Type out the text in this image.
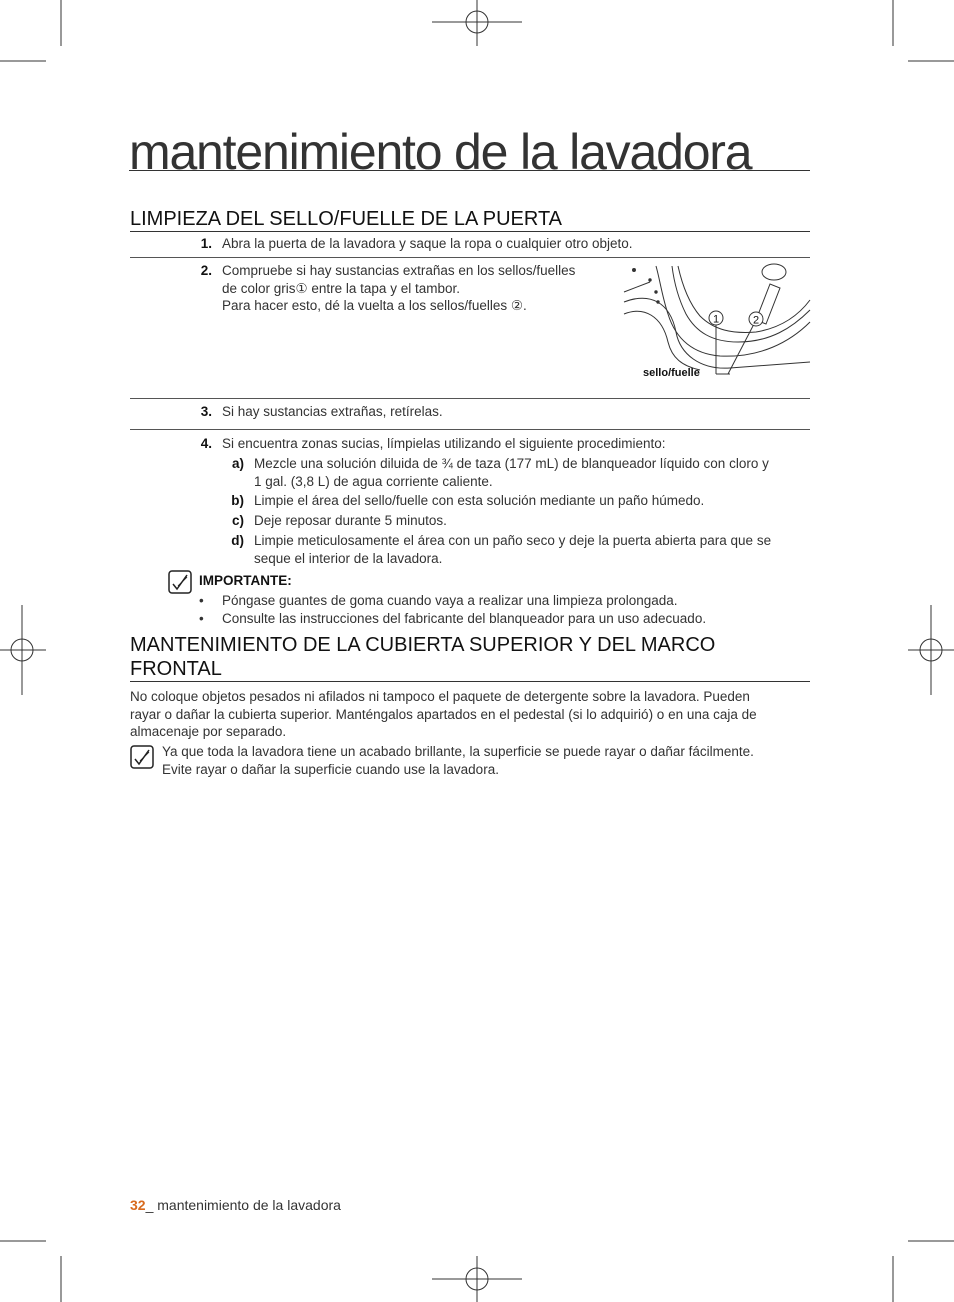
mantenimiento de la lavadora
LIMPIEZA DEL SELLO/FUELLE DE LA PUERTA
1. Abra la puerta de la lavadora y saque la ropa o cualquier otro objeto.
2. Compruebe si hay sustancias extrañas en los sellos/fuelles
de color gris① entre la tapa y el tambor.
Para hacer esto, dé la vuelta a los sellos/fuelles ②.
1	2
sello/fuelle
3. Si hay sustancias extrañas, retírelas.
4. Si encuentra zonas sucias, límpielas utilizando el siguiente procedimiento:
a) Mezcle una solución diluida de ¾ de taza (177 mL) de blanqueador líquido con cloro y
1 gal. (3,8 L) de agua corriente caliente.
b) Limpie el área del sello/fuelle con esta solución mediante un paño húmedo.
c) Deje reposar durante 5 minutos.
d) Limpie meticulosamente el área con un paño seco y deje la puerta abierta para que se
seque el interior de la lavadora.
IMPORTANTE:
• Póngase guantes de goma cuando vaya a realizar una limpieza prolongada.
• Consulte las instrucciones del fabricante del blanqueador para un uso adecuado.
MANTENIMIENTO DE LA CUBIERTA SUPERIOR Y DEL MARCO
FRONTAL
No coloque objetos pesados ni afilados ni tampoco el paquete de detergente sobre la lavadora. Pueden
rayar o dañar la cubierta superior. Manténgalos apartados en el pedestal (si lo adquirió) o en una caja de
almacenaje por separado.
Ya que toda la lavadora tiene un acabado brillante, la superficie se puede rayar o dañar fácilmente.
Evite rayar o dañar la superficie cuando use la lavadora.
32_ mantenimiento de la lavadora
